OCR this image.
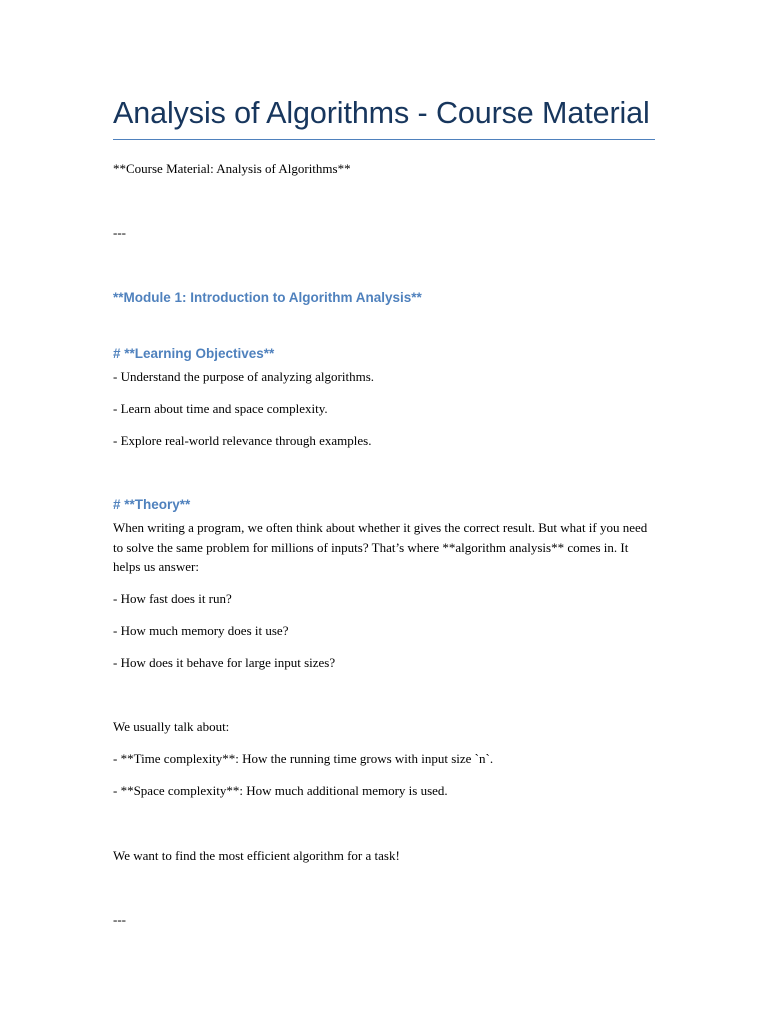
Analysis of Algorithms - Course Material
**Course Material: Analysis of Algorithms**
---
**Module 1: Introduction to Algorithm Analysis**
# **Learning Objectives**
- Understand the purpose of analyzing algorithms.
- Learn about time and space complexity.
- Explore real-world relevance through examples.
# **Theory**
When writing a program, we often think about whether it gives the correct result. But what if you need to solve the same problem for millions of inputs? That’s where **algorithm analysis** comes in. It helps us answer:
- How fast does it run?
- How much memory does it use?
- How does it behave for large input sizes?
We usually talk about:
- **Time complexity**: How the running time grows with input size `n`.
- **Space complexity**: How much additional memory is used.
We want to find the most efficient algorithm for a task!
---
